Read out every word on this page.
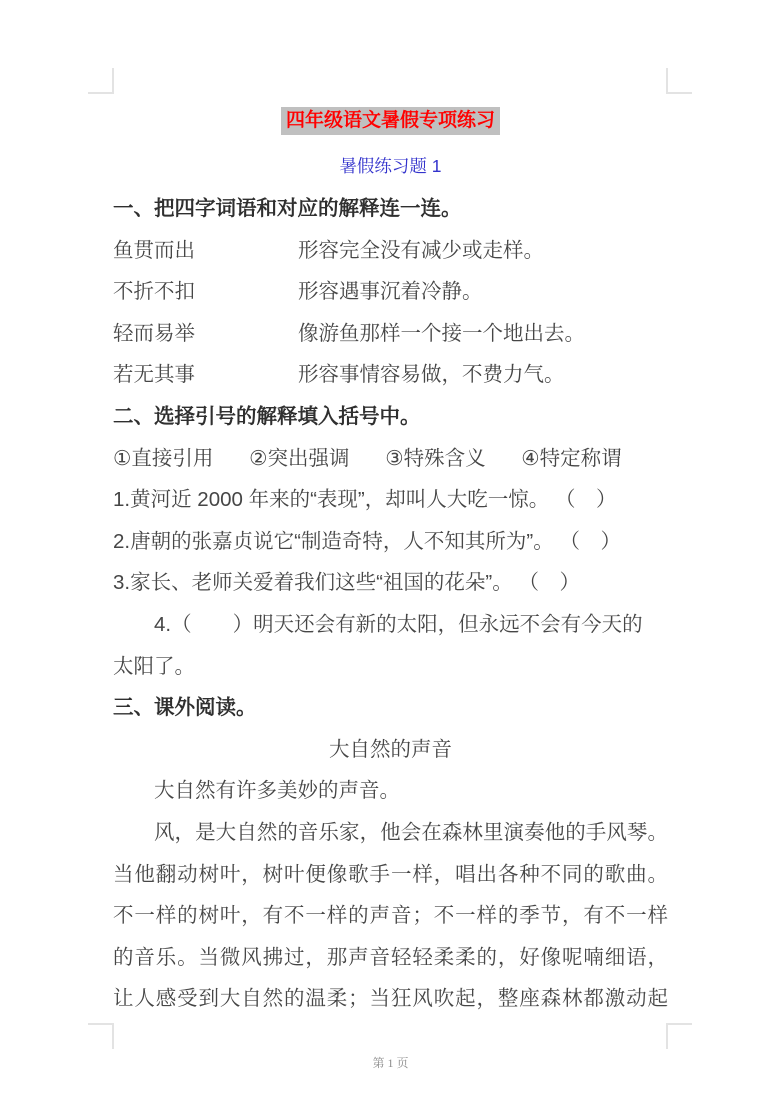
四年级语文暑假专项练习
暑假练习题 1
一、把四字词语和对应的解释连一连。
鱼贯而出	形容完全没有减少或走样。
不折不扣	形容遇事沉着冷静。
轻而易举	像游鱼那样一个接一个地出去。
若无其事	形容事情容易做，不费力气。
二、选择引号的解释填入括号中。
①直接引用 ②突出强调 ③特殊含义 ④特定称谓
1.黄河近 2000 年来的“表现”，却叫人大吃一惊。 （　）
2.唐朝的张嘉贞说它“制造奇特，人不知其所为”。 （　）
3.家长、老师关爱着我们这些“祖国的花朵”。 （　）
4.（　　）明天还会有新的太阳，但永远不会有今天的
太阳了。
三、课外阅读。
大自然的声音
大自然有许多美妙的声音。
风，是大自然的音乐家，他会在森林里演奏他的手风琴。
当他翻动树叶，树叶便像歌手一样，唱出各种不同的歌曲。
不一样的树叶，有不一样的声音；不一样的季节，有不一样
的音乐。当微风拂过，那声音轻轻柔柔的，好像呢喃细语，
让人感受到大自然的温柔；当狂风吹起，整座森林都激动起
第 1 页
